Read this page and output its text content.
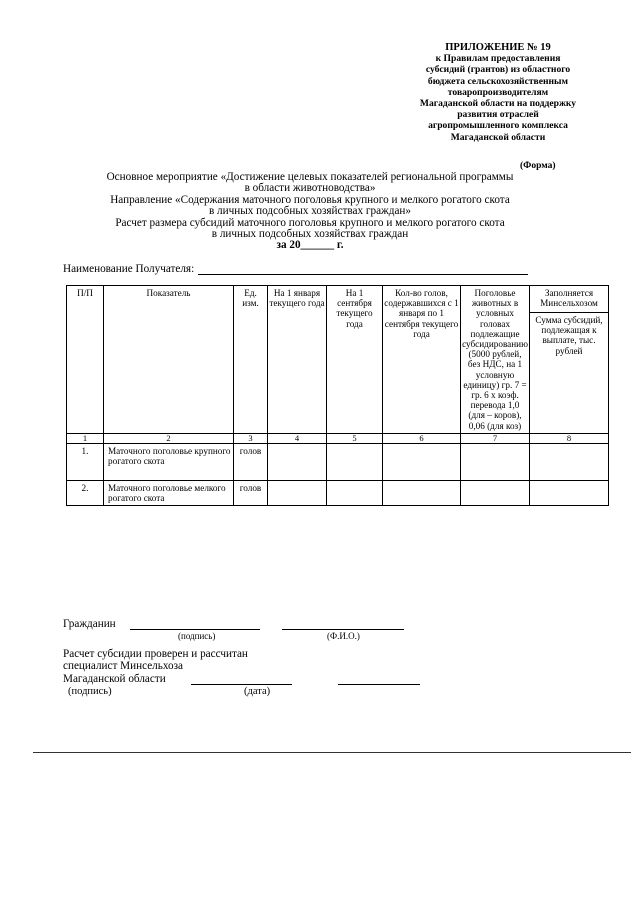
ПРИЛОЖЕНИЕ № 19
к Правилам предоставления
субсидий (грантов) из областного
бюджета сельскохозяйственным
товаропроизводителям
Магаданской области на поддержку
развития отраслей
агропромышленного комплекса
Магаданской области
(Форма)
Основное мероприятие «Достижение целевых показателей региональной программы
в области животноводства»
Направление «Содержания маточного поголовья крупного и мелкого рогатого скота
в личных подсобных хозяйствах граждан»
Расчет размера субсидий маточного поголовья крупного и мелкого рогатого скота
в личных подсобных хозяйствах граждан
за 20______ г.
Наименование Получателя:
П/П	Показатель	Ед. изм.	На 1 января текущего года	На 1 сентября текущего года	Кол-во голов, содержавшихся с 1 января по 1 сентября текущего года	Поголовье животных в условных головах подлежащие субсидированию (5000 рублей, без НДС, на 1 условную единицу) гр. 7 = гр. 6 х коэф. перевода 1,0 (для – коров), 0,06 (для коз)	Заполняется Минсельхозом
							Сумма субсидий, подлежащая к выплате, тыс. рублей
1	2	3	4	5	6	7	8
1.	Маточного поголовье крупного рогатого скота	голов					
2.	Маточного поголовье мелкого рогатого скота	голов					
Гражданин
(подпись)	(Ф.И.О.)
Расчет субсидии проверен и рассчитан
специалист Минсельхоза
Магаданской области
(подпись)	(дата)
